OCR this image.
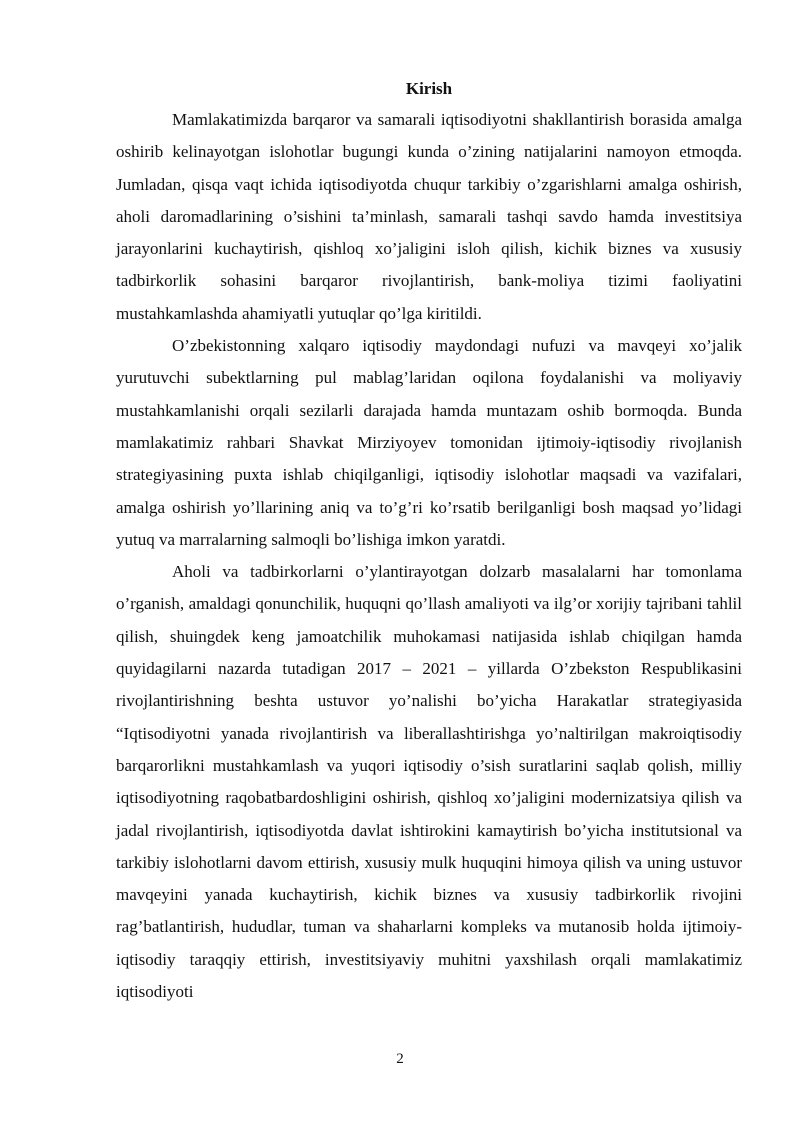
Kirish

Mamlakatimizda barqaror va samarali iqtisodiyotni shakllantirish borasida amalga oshirib kelinayotgan islohotlar bugungi kunda o’zining natijalarini namoyon etmoqda. Jumladan, qisqa vaqt ichida iqtisodiyotda chuqur tarkibiy o’zgarishlarni amalga oshirish, aholi daromadlarining o’sishini ta’minlash, samarali tashqi savdo hamda investitsiya jarayonlarini kuchaytirish, qishloq xo’jaligini isloh qilish, kichik biznes va xususiy tadbirkorlik sohasini barqaror rivojlantirish, bank-moliya tizimi faoliyatini mustahkamlashda ahamiyatli yutuqlar qo’lga kiritildi.

O’zbekistonning xalqaro iqtisodiy maydondagi nufuzi va mavqeyi xo’jalik yurutuvchi subektlarning pul mablag’laridan oqilona foydalanishi va moliyaviy mustahkamlanishi orqali sezilarli darajada hamda muntazam oshib bormoqda. Bunda mamlakatimiz rahbari Shavkat Mirziyoyev tomonidan ijtimoiy-iqtisodiy rivojlanish strategiyasining puxta ishlab chiqilganligi, iqtisodiy islohotlar maqsadi va vazifalari, amalga oshirish yo’llarining aniq va to’g’ri ko’rsatib berilganligi bosh maqsad yo’lidagi yutuq va marralarning salmoqli bo’lishiga imkon yaratdi.

Aholi va tadbirkorlarni o’ylantirayotgan dolzarb masalalarni har tomonlama o’rganish, amaldagi qonunchilik, huquqni qo’llash amaliyoti va ilg’or xorijiy tajribani tahlil qilish, shuingdek keng jamoatchilik muhokamasi natijasida ishlab chiqilgan hamda quyidagilarni nazarda tutadigan 2017 – 2021 – yillarda O’zbekston Respublikasini rivojlantirishning beshta ustuvor yo’nalishi bo’yicha Harakatlar strategiyasida “Iqtisodiyotni yanada rivojlantirish va liberallashtirishga yo’naltirilgan makroiqtisodiy barqarorlikni mustahkamlash va yuqori iqtisodiy o’sish suratlarini saqlab qolish, milliy iqtisodiyotning raqobatbardoshligini oshirish, qishloq xo’jaligini modernizatsiya qilish va jadal rivojlantirish, iqtisodiyotda davlat ishtirokini kamaytirish bo’yicha institutsional va tarkibiy islohotlarni davom ettirish, xususiy mulk huquqini himoya qilish va uning ustuvor mavqeyini yanada kuchaytirish, kichik biznes va xususiy tadbirkorlik rivojini rag’batlantirish, hududlar, tuman va shaharlarni kompleks va mutanosib holda ijtimoiy-iqtisodiy taraqqiy ettirish, investitsiyaviy muhitni yaxshilash orqali mamlakatimiz iqtisodiyoti

2
